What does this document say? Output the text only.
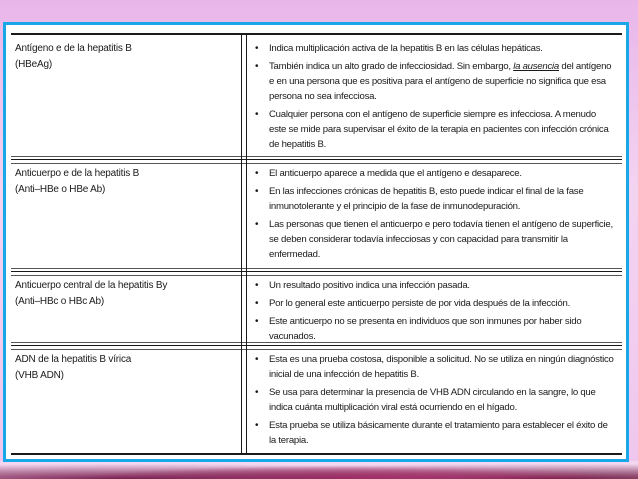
Antígeno e de la hepatitis B
(HBeAg)
• Indica multiplicación activa de la hepatitis B en las células hepáticas.
• También indica un alto grado de infecciosidad. Sin embargo, la ausencia del antígeno e en una persona que es positiva para el antígeno de superficie no significa que esa persona no sea infecciosa.
• Cualquier persona con el antígeno de superficie siempre es infecciosa. A menudo este se mide para supervisar el éxito de la terapia en pacientes con infección crónica de hepatitis B.
Anticuerpo e de la hepatitis B
(Anti–HBe o HBe Ab)
• El anticuerpo aparece a medida que el antígeno e desaparece.
• En las infecciones crónicas de hepatitis B, esto puede indicar el final de la fase inmunotolerante y el principio de la fase de inmunodepuración.
• Las personas que tienen el anticuerpo e pero todavía tienen el antígeno de superficie, se deben considerar todavía infecciosas y con capacidad para transmitir la enfermedad.
Anticuerpo central de la hepatitis By
(Anti–HBc o HBc Ab)
• Un resultado positivo indica una infección pasada.
• Por lo general este anticuerpo persiste de por vida después de la infección.
• Este anticuerpo no se presenta en individuos que son inmunes por haber sido vacunados.
ADN de la hepatitis B vírica
(VHB ADN)
• Esta es una prueba costosa, disponible a solicitud. No se utiliza en ningún diagnóstico inicial de una infección de hepatitis B.
• Se usa para determinar la presencia de VHB ADN circulando en la sangre, lo que indica cuánta multiplicación viral está ocurriendo en el hígado.
• Esta prueba se utiliza básicamente durante el tratamiento para establecer el éxito de la terapia.
